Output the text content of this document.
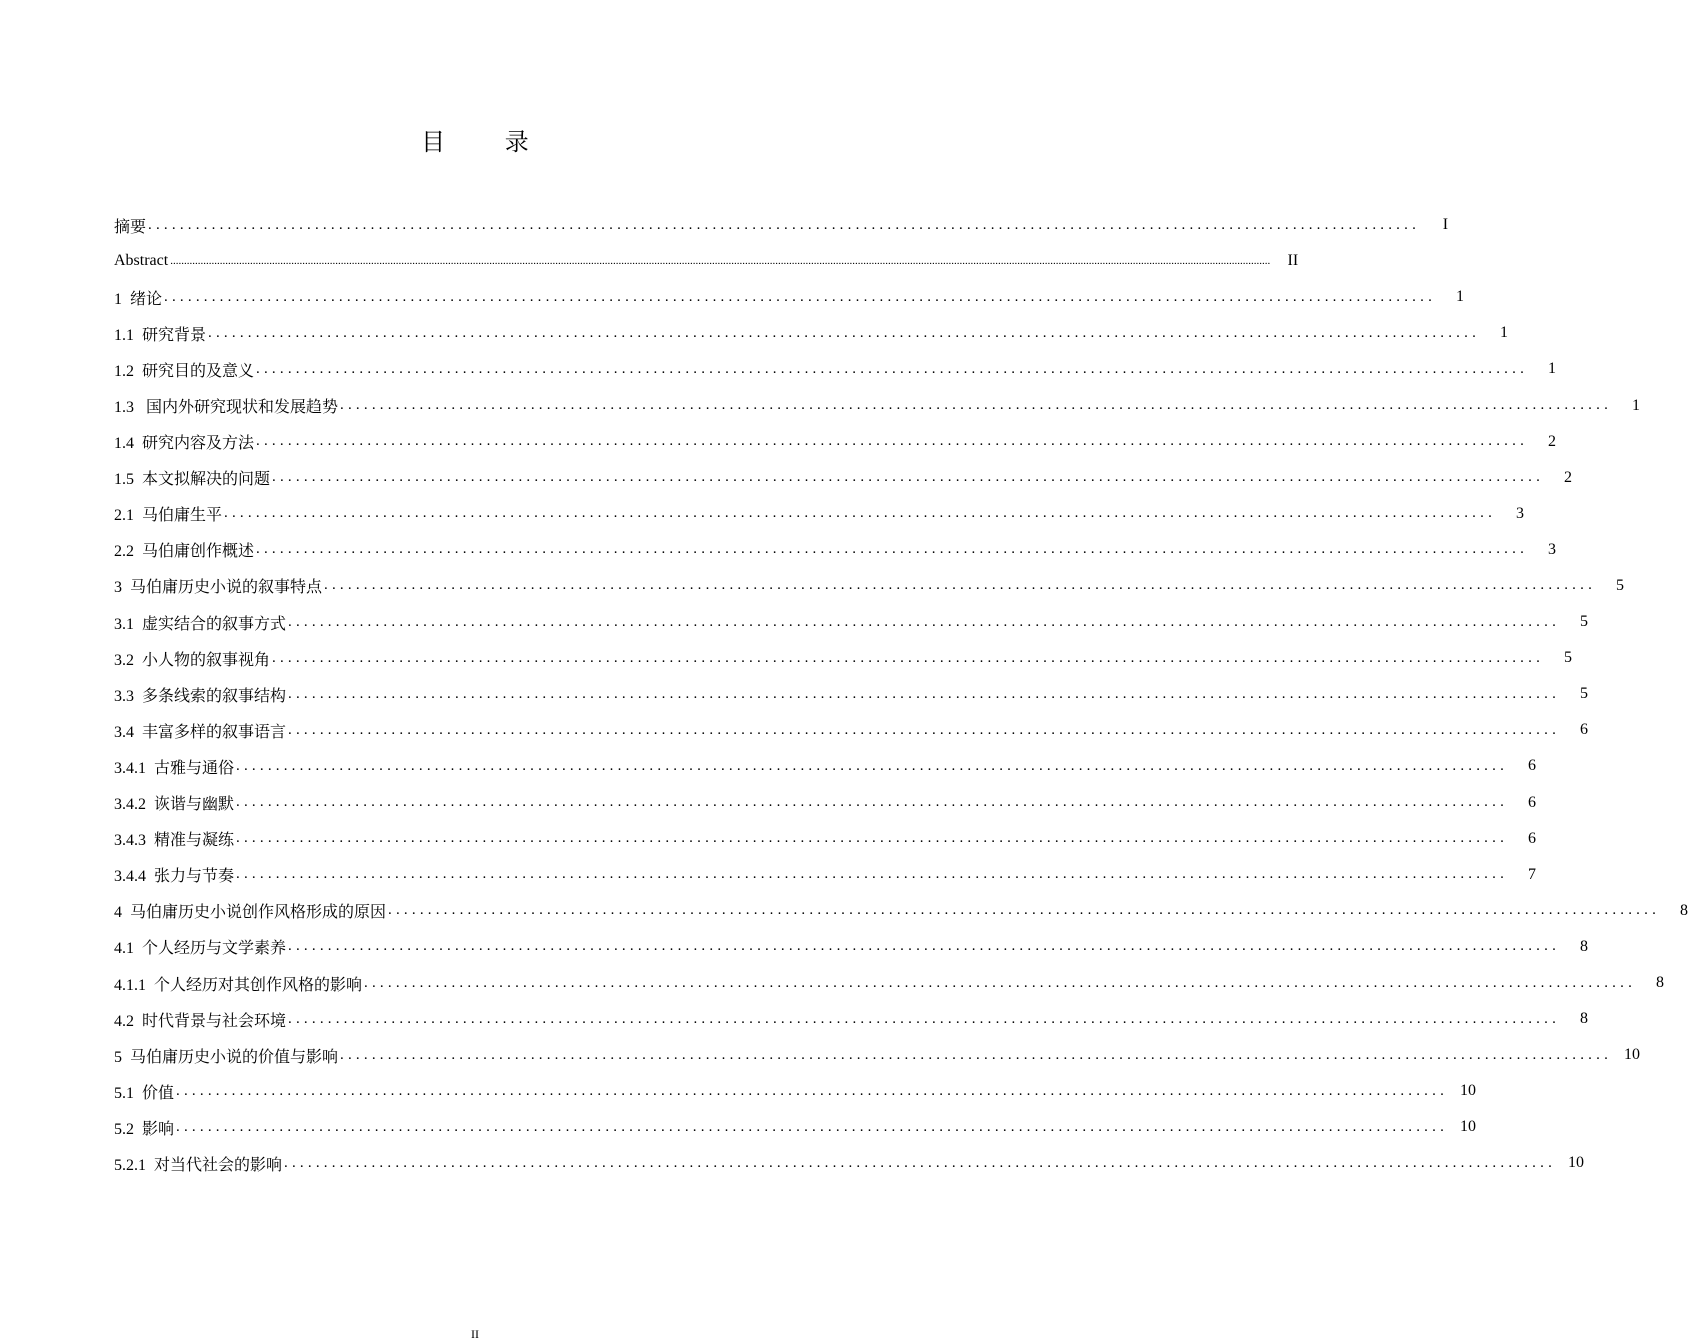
目 录
摘要 ................................................................................................................................................................	I
Abstract ................................................................................................................................................................................................................................................................................................................................................................................................................	II
1 绪论 ................................................................................................................................................................	1
1.1 研究背景 ................................................................................................................................................................	1
1.2 研究目的及意义 ................................................................................................................................................................	1
1.3 国内外研究现状和发展趋势 ................................................................................................................................................................	1
1.4 研究内容及方法 ................................................................................................................................................................	2
1.5 本文拟解决的问题 ................................................................................................................................................................	2
2.1 马伯庸生平 ................................................................................................................................................................	3
2.2 马伯庸创作概述 ................................................................................................................................................................	3
3 马伯庸历史小说的叙事特点 ................................................................................................................................................................	5
3.1 虚实结合的叙事方式 ................................................................................................................................................................	5
3.2 小人物的叙事视角 ................................................................................................................................................................	5
3.3 多条线索的叙事结构 ................................................................................................................................................................	5
3.4 丰富多样的叙事语言 ................................................................................................................................................................	6
3.4.1 古雅与通俗 ................................................................................................................................................................	6
3.4.2 诙谐与幽默 ................................................................................................................................................................	6
3.4.3 精准与凝练 ................................................................................................................................................................	6
3.4.4 张力与节奏 ................................................................................................................................................................	7
4 马伯庸历史小说创作风格形成的原因 ................................................................................................................................................................	8
4.1 个人经历与文学素养 ................................................................................................................................................................	8
4.1.1 个人经历对其创作风格的影响 ................................................................................................................................................................	8
4.2 时代背景与社会环境 ................................................................................................................................................................	8
5 马伯庸历史小说的价值与影响 ................................................................................................................................................................ 10
5.1 价值 ................................................................................................................................................................ 10
5.2 影响 ................................................................................................................................................................ 10
5.2.1 对当代社会的影响 ................................................................................................................................................................ 10
II
